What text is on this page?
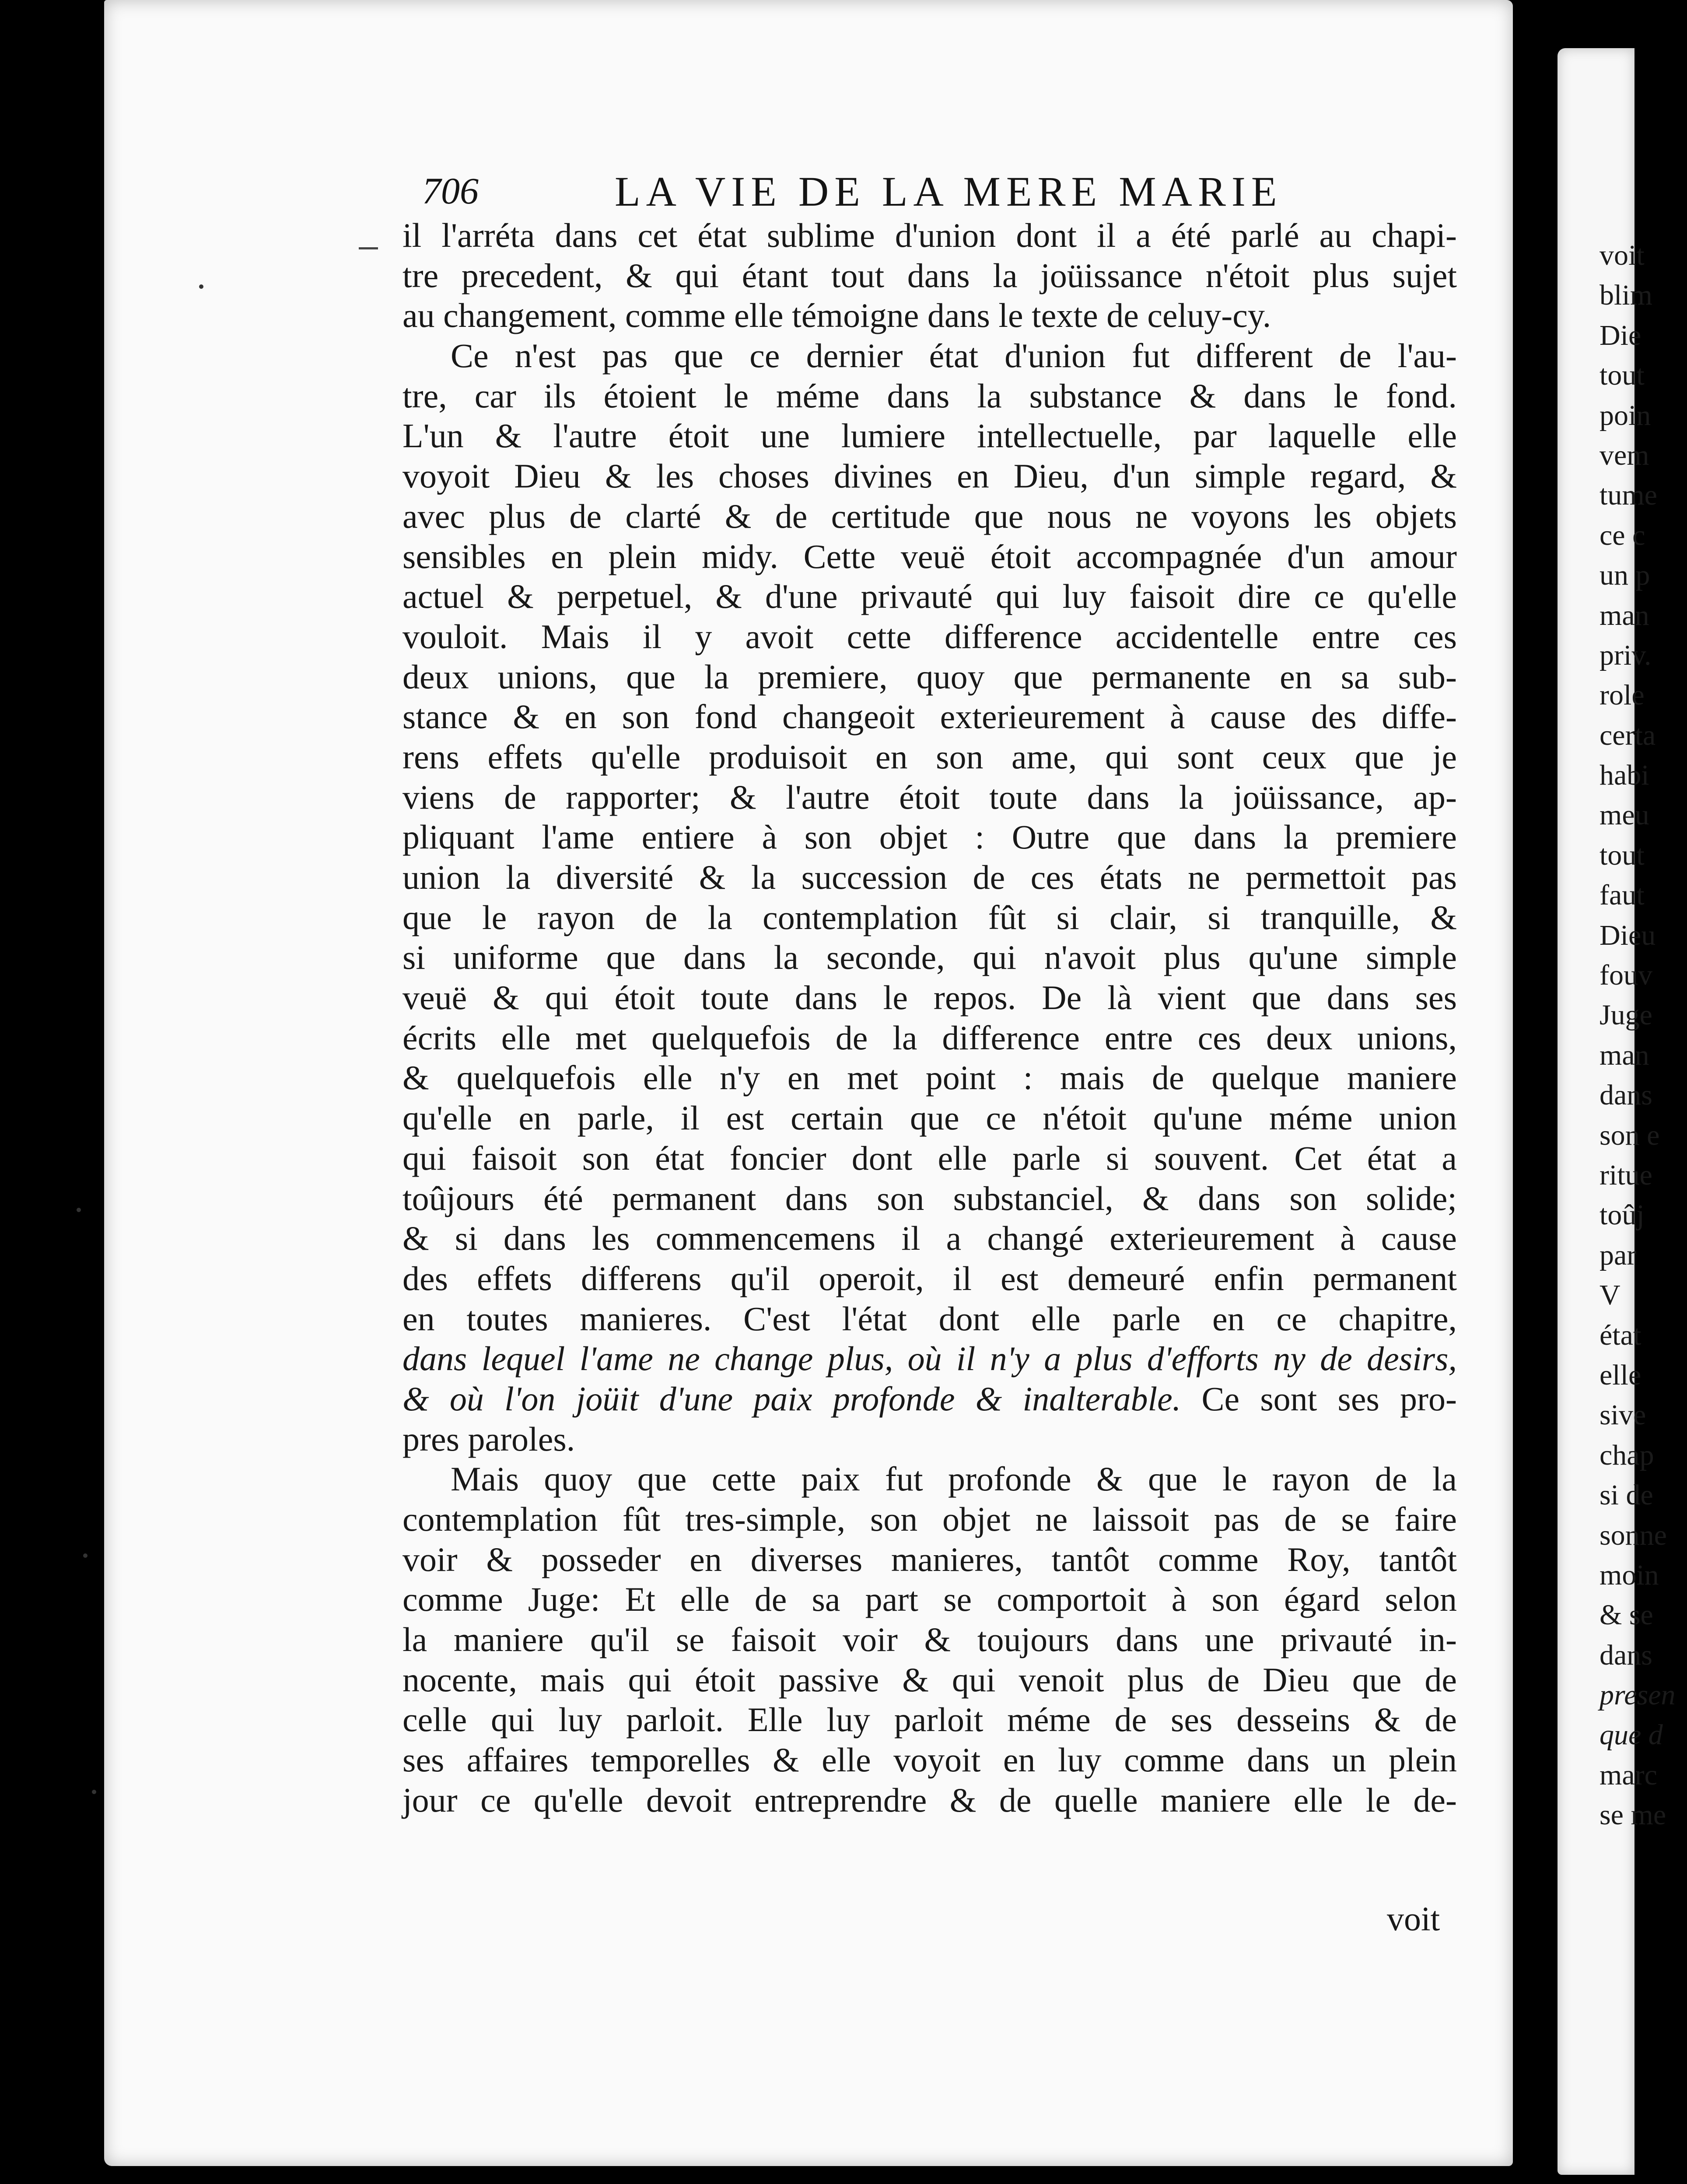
706	LA VIE DE LA MERE MARIE
il l'arréta dans cet état sublime d'union dont il a été parlé au chapi-
tre precedent, & qui étant tout dans la joüissance n'étoit plus sujet
au changement, comme elle témoigne dans le texte de celuy-cy.
Ce n'est pas que ce dernier état d'union fut different de l'au-
tre, car ils étoient le méme dans la substance & dans le fond.
L'un & l'autre étoit une lumiere intellectuelle, par laquelle elle
voyoit Dieu & les choses divines en Dieu, d'un simple regard, &
avec plus de clarté & de certitude que nous ne voyons les objets
sensibles en plein midy. Cette veuë étoit accompagnée d'un amour
actuel & perpetuel, & d'une privauté qui luy faisoit dire ce qu'elle
vouloit. Mais il y avoit cette difference accidentelle entre ces
deux unions, que la premiere, quoy que permanente en sa sub-
stance & en son fond changeoit exterieurement à cause des diffe-
rens effets qu'elle produisoit en son ame, qui sont ceux que je
viens de rapporter; & l'autre étoit toute dans la joüissance, ap-
pliquant l'ame entiere à son objet : Outre que dans la premiere
union la diversité & la succession de ces états ne permettoit pas
que le rayon de la contemplation fût si clair, si tranquille, &
si uniforme que dans la seconde, qui n'avoit plus qu'une simple
veuë & qui étoit toute dans le repos. De là vient que dans ses
écrits elle met quelquefois de la difference entre ces deux unions,
& quelquefois elle n'y en met point : mais de quelque maniere
qu'elle en parle, il est certain que ce n'étoit qu'une méme union
qui faisoit son état foncier dont elle parle si souvent. Cet état a
toûjours été permanent dans son substanciel, & dans son solide;
& si dans les commencemens il a changé exterieurement à cause
des effets differens qu'il operoit, il est demeuré enfin permanent
en toutes manieres. C'est l'état dont elle parle en ce chapitre,
dans lequel l'ame ne change plus, où il n'y a plus d'efforts ny de desirs,
& où l'on joüit d'une paix profonde & inalterable. Ce sont ses pro-
pres paroles.
Mais quoy que cette paix fut profonde & que le rayon de la
contemplation fût tres-simple, son objet ne laissoit pas de se faire
voir & posseder en diverses manieres, tantôt comme Roy, tantôt
comme Juge: Et elle de sa part se comportoit à son égard selon
la maniere qu'il se faisoit voir & toujours dans une privauté in-
nocente, mais qui étoit passive & qui venoit plus de Dieu que de
celle qui luy parloit. Elle luy parloit méme de ses desseins & de
ses affaires temporelles & elle voyoit en luy comme dans un plein
jour ce qu'elle devoit entreprendre & de quelle maniere elle le de-
voit
voit
blim
Die
tout
poin
vem
tume
ce c
un p
man
priv.
role
certa
habi
meu
tout
faut
Dieu
fouv
Juge
man
dans
son e
ritue
toûj
par
V
état
elle
sive
chap
si de
sonne
moin
& se
dans
presen
que d
marc
se me
